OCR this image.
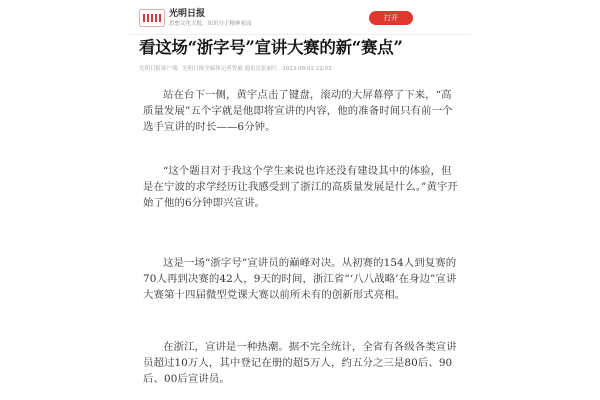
光明日报
思想文化大报，知识分子精神家园
打开
看这场“浙字号”宣讲大赛的新“赛点”
光明日报客户端 光明日报全媒体记者曾毅 通讯员张丽红 2023-08-02 22:53

站在台下一侧，黄宇点击了键盘，滚动的大屏幕停了下来，“高质量发展”五个字就是他即将宣讲的内容，他的准备时间只有前一个选手宣讲的时长——6分钟。

“这个题目对于我这个学生来说也许还没有建设其中的体验，但是在宁波的求学经历让我感受到了浙江的高质量发展是什么。”黄宇开始了他的6分钟即兴宣讲。

这是一场“浙字号”宣讲员的巅峰对决。从初赛的154人到复赛的70人再到决赛的42人，9天的时间，浙江省“‘八八战略’在身边”宣讲大赛第十四届微型党课大赛以前所未有的创新形式亮相。

在浙江，宣讲是一种热潮。据不完全统计，全省有各级各类宣讲员超过10万人，其中登记在册的超5万人，约五分之三是80后、90后、00后宣讲员。
